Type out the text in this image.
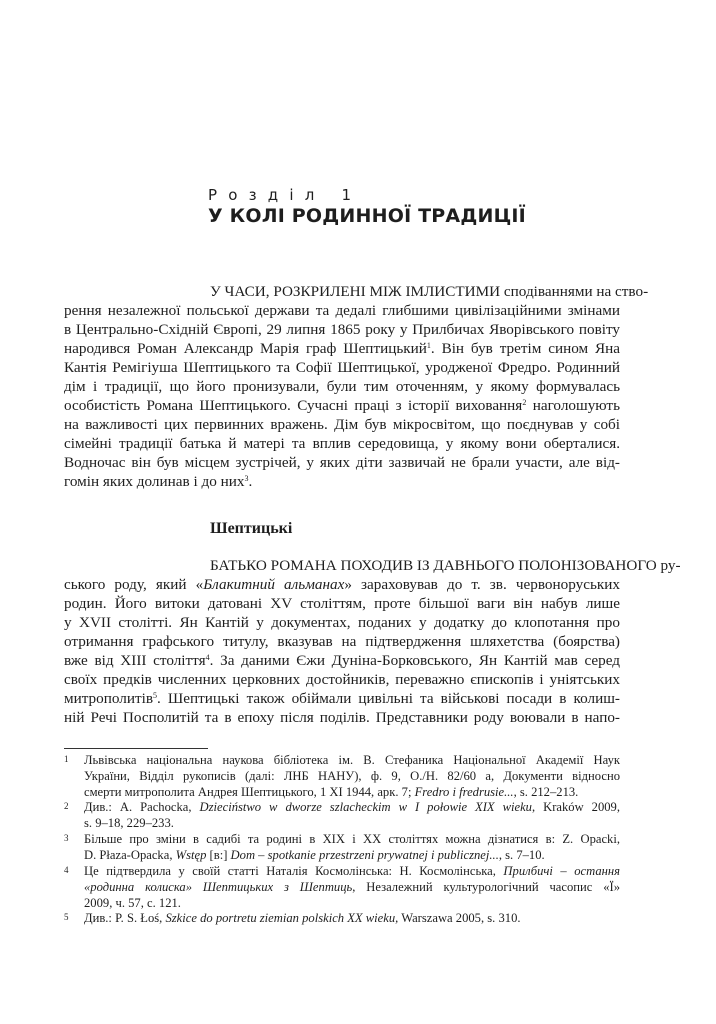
Розділ 1
У КОЛІ РОДИННОЇ ТРАДИЦІЇ
У ЧАСИ, РОЗКРИЛЕНІ МІЖ ІМЛИСТИМИ сподіваннями на ство-
рення незалежної польської держави та дедалі глибшими цивілізаційними змінами
в Центрально-Східній Європі, 29 липня 1865 року у Прилбичах Яворівського повіту
народився Роман Александр Марія граф Шептицький$^1$. Він був третім сином Яна
Кантія Ремігіуша Шептицького та Софії Шептицької, уродженої Фредро. Родинний
дім і традиції, що його пронизували, були тим оточенням, у якому формувалась
особистість Романа Шептицького. Сучасні праці з історії виховання$^2$ наголошують
на важливості цих первинних вражень. Дім був мікросвітом, що поєднував у собі
сімейні традиції батька й матері та вплив середовища, у якому вони оберталися.
Водночас він був місцем зустрічей, у яких діти зазвичай не брали участи, але від-
гомін яких долинав і до них$^3$.
Шептицькі
БАТЬКО РОМАНА ПОХОДИВ ІЗ ДАВНЬОГО ПОЛОНІЗОВАНОГО ру-
ського роду, який «Блакитний альманах» зараховував до т. зв. червоноруських
родин. Його витоки датовані XV століттям, проте більшої ваги він набув лише
у XVII столітті. Ян Кантій у документах, поданих у додатку до клопотання про
отримання графського титулу, вказував на підтвердження шляхетства (боярства)
вже від XIII століття$^4$. За даними Єжи Дуніна-Борковського, Ян Кантій мав серед
своїх предків численних церковних достойників, переважно єпископів і уніятських
митрополитів$^5$. Шептицькі також обіймали цивільні та військові посади в колиш-
ній Речі Посполитій та в епоху після поділів. Представники роду воювали в напо-
1 Львівська національна наукова бібліотека ім. В. Стефаника Національної Академії Наук
України, Відділ рукописів (далі: ЛНБ НАНУ), ф. 9, О./Н. 82/60 а, Документи відносно
смерти митрополита Андрея Шептицького, 1 XI 1944, арк. 7; Fredro i fredrusie..., s. 212–213.
2 Див.: A. Pachocka, Dzieciństwo w dworze szlacheckim w I połowie XIX wieku, Kraków 2009,
s. 9–18, 229–233.
3 Більше про зміни в садибі та родині в XIX і XX століттях можна дізнатися в: Z. Opacki,
D. Płaza-Opacka, Wstęp [в:] Dom – spotkanie przestrzeni prywatnej i publicznej..., s. 7–10.
4 Це підтвердила у своїй статті Наталія Космолінська: Н. Космолінська, Прилбичі – остання
«родинна колиска» Шептицьких з Шептиць, Незалежний культурологічний часопис «Ї»
2009, ч. 57, с. 121.
5 Див.: P. S. Łoś, Szkice do portretu ziemian polskich XX wieku, Warszawa 2005, s. 310.
